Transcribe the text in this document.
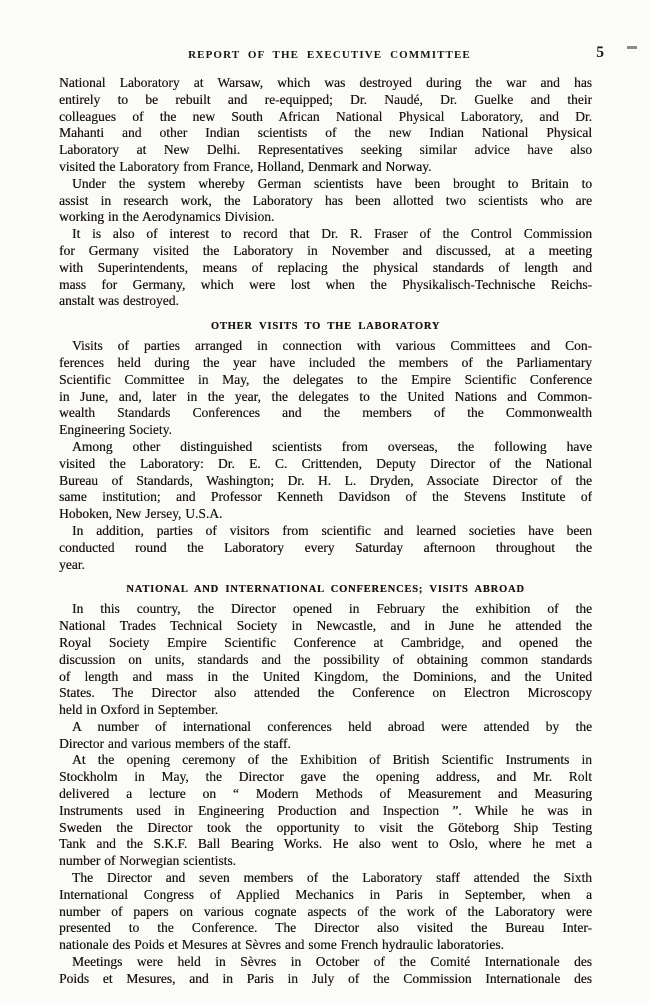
REPORT OF THE EXECUTIVE COMMITTEE	5
National Laboratory at Warsaw, which was destroyed during the war and has
entirely to be rebuilt and re-equipped; Dr. Naudé, Dr. Guelke and their
colleagues of the new South African National Physical Laboratory, and Dr.
Mahanti and other Indian scientists of the new Indian National Physical
Laboratory at New Delhi. Representatives seeking similar advice have also
visited the Laboratory from France, Holland, Denmark and Norway.
Under the system whereby German scientists have been brought to Britain to
assist in research work, the Laboratory has been allotted two scientists who are
working in the Aerodynamics Division.
It is also of interest to record that Dr. R. Fraser of the Control Commission
for Germany visited the Laboratory in November and discussed, at a meeting
with Superintendents, means of replacing the physical standards of length and
mass for Germany, which were lost when the Physikalisch-Technische Reichs-
anstalt was destroyed.
OTHER VISITS TO THE LABORATORY
Visits of parties arranged in connection with various Committees and Con-
ferences held during the year have included the members of the Parliamentary
Scientific Committee in May, the delegates to the Empire Scientific Conference
in June, and, later in the year, the delegates to the United Nations and Common-
wealth Standards Conferences and the members of the Commonwealth
Engineering Society.
Among other distinguished scientists from overseas, the following have
visited the Laboratory: Dr. E. C. Crittenden, Deputy Director of the National
Bureau of Standards, Washington; Dr. H. L. Dryden, Associate Director of the
same institution; and Professor Kenneth Davidson of the Stevens Institute of
Hoboken, New Jersey, U.S.A.
In addition, parties of visitors from scientific and learned societies have been
conducted round the Laboratory every Saturday afternoon throughout the
year.
NATIONAL AND INTERNATIONAL CONFERENCES; VISITS ABROAD
In this country, the Director opened in February the exhibition of the
National Trades Technical Society in Newcastle, and in June he attended the
Royal Society Empire Scientific Conference at Cambridge, and opened the
discussion on units, standards and the possibility of obtaining common standards
of length and mass in the United Kingdom, the Dominions, and the United
States. The Director also attended the Conference on Electron Microscopy
held in Oxford in September.
A number of international conferences held abroad were attended by the
Director and various members of the staff.
At the opening ceremony of the Exhibition of British Scientific Instruments in
Stockholm in May, the Director gave the opening address, and Mr. Rolt
delivered a lecture on “ Modern Methods of Measurement and Measuring
Instruments used in Engineering Production and Inspection ”. While he was in
Sweden the Director took the opportunity to visit the Göteborg Ship Testing
Tank and the S.K.F. Ball Bearing Works. He also went to Oslo, where he met a
number of Norwegian scientists.
The Director and seven members of the Laboratory staff attended the Sixth
International Congress of Applied Mechanics in Paris in September, when a
number of papers on various cognate aspects of the work of the Laboratory were
presented to the Conference. The Director also visited the Bureau Inter-
nationale des Poids et Mesures at Sèvres and some French hydraulic laboratories.
Meetings were held in Sèvres in October of the Comité Internationale des
Poids et Mesures, and in Paris in July of the Commission Internationale des
